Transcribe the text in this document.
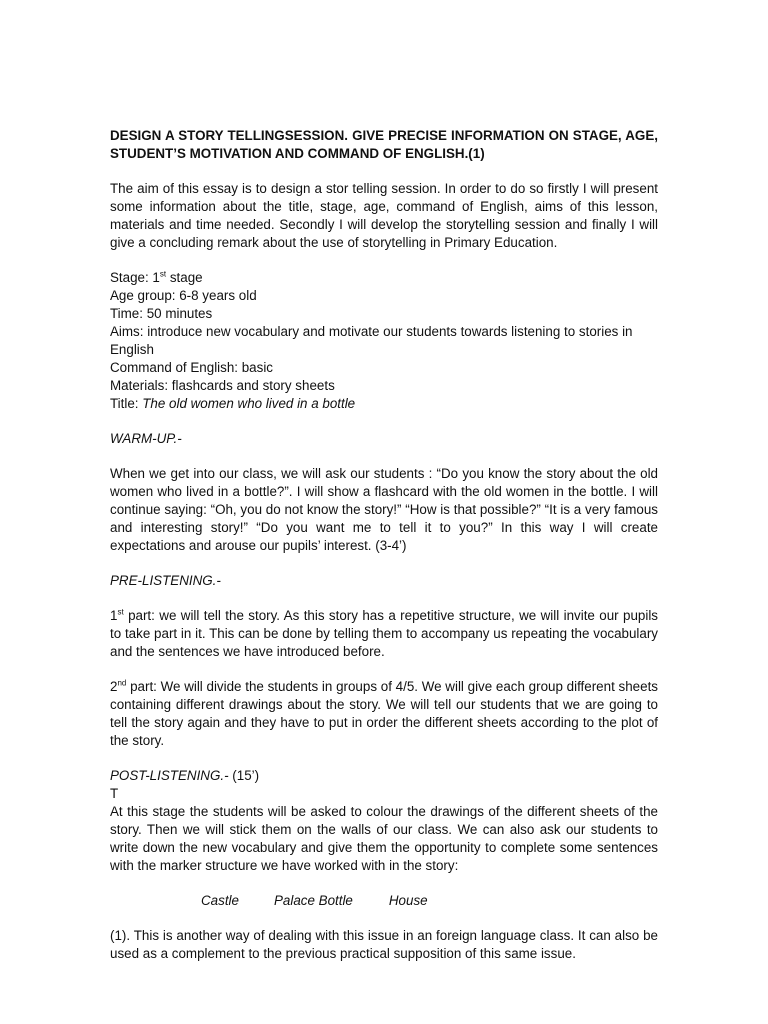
DESIGN A STORY TELLINGSESSION. GIVE PRECISE INFORMATION ON STAGE, AGE, STUDENT’S MOTIVATION AND COMMAND OF ENGLISH.(1)

The aim of this essay is to design a stor telling session. In order to do so firstly I will present some information about the title, stage, age, command of English, aims of this lesson, materials and time needed. Secondly I will develop the storytelling session and finally I will give a concluding remark about the use of storytelling in Primary Education.

Stage: 1st stage

Age group: 6-8 years old

Time: 50 minutes

Aims: introduce new vocabulary and motivate our students towards listening to stories in English

Command of English: basic

Materials: flashcards and story sheets

Title: The old women who lived in a bottle

WARM-UP.-

When we get into our class, we will ask our students : “Do you know the story about the old women who lived in a bottle?”. I will show a flashcard with the old women in the bottle. I will continue saying: “Oh, you do not know the story!” “How is that possible?” “It is a very famous and interesting story!” “Do you want me to tell it to you?” In this way I will create expectations and arouse our pupils’ interest. (3-4’)

PRE-LISTENING.-

1st part: we will tell the story. As this story has a repetitive structure, we will invite our pupils to take part in it. This can be done by telling them to accompany us repeating the vocabulary and the sentences we have introduced before.

2nd part: We will divide the students in groups of 4/5. We will give each group different sheets containing different drawings about the story. We will tell our students that we are going to tell the story again and they have to put in order the different sheets according to the plot of the story.

POST-LISTENING.- (15’)

T

At this stage the students will be asked to colour the drawings of the different sheets of the story. Then we will stick them on the walls of our class. We can also ask our students to write down the new vocabulary and give them the opportunity to complete some sentences with the marker structure we have worked with in the story:

Castle	Palace Bottle	House

(1). This is another way of dealing with this issue in an foreign language class. It can also be used as a complement to the previous practical supposition of this same issue.
